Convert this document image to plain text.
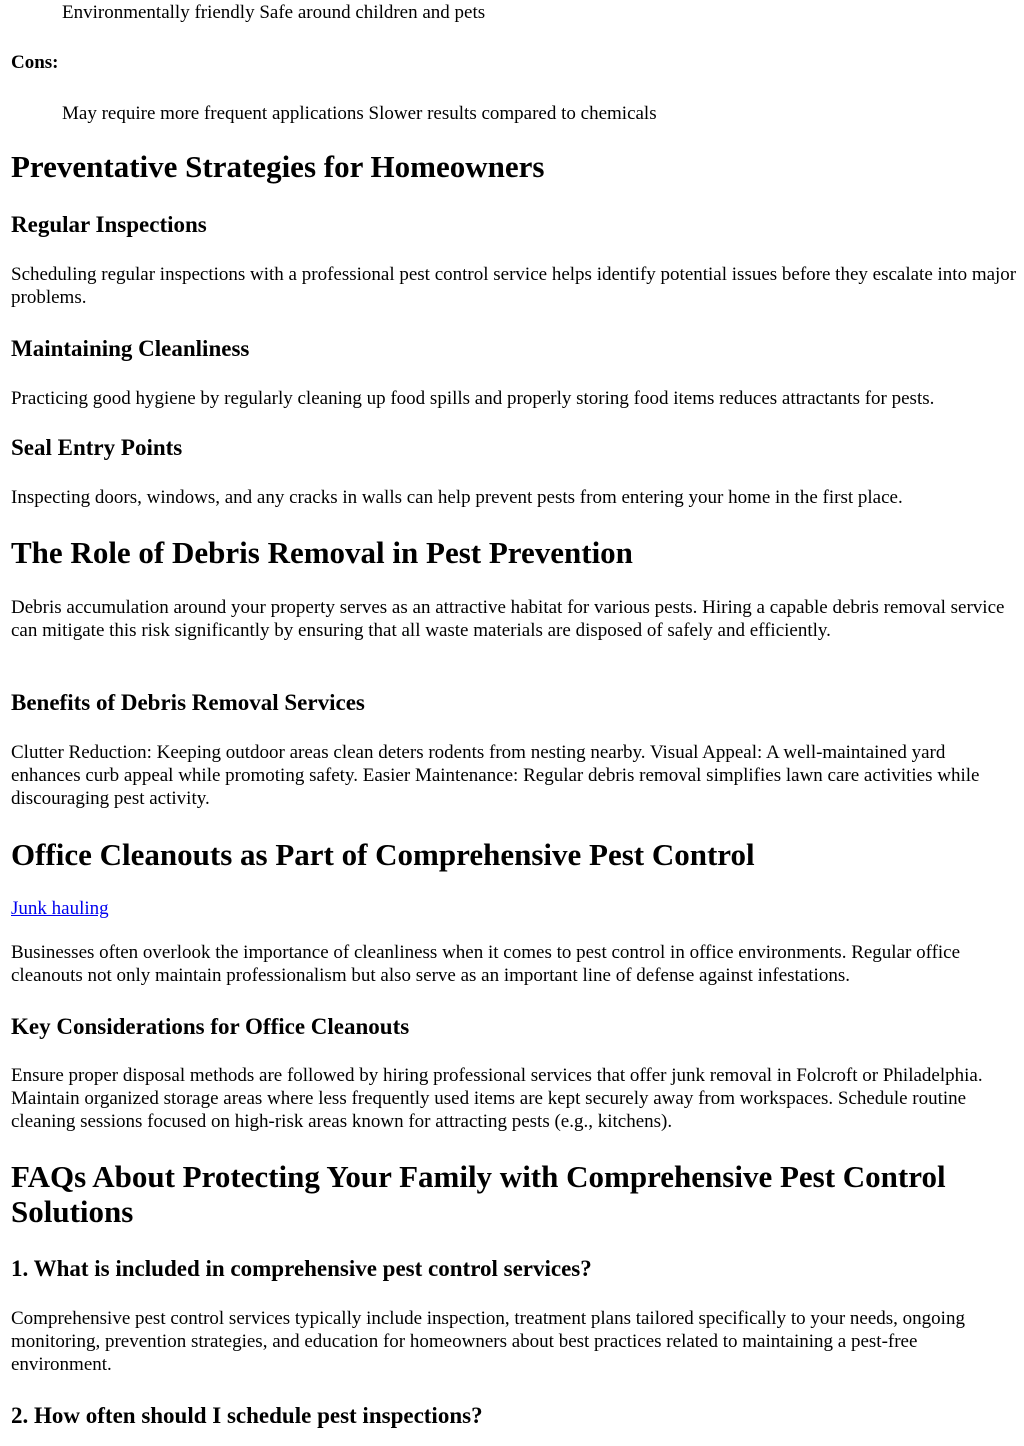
Environmentally friendly Safe around children and pets

Cons:

May require more frequent applications Slower results compared to chemicals

Preventative Strategies for Homeowners
Regular Inspections

Scheduling regular inspections with a professional pest control service helps identify potential issues before they escalate into major problems.

Maintaining Cleanliness

Practicing good hygiene by regularly cleaning up food spills and properly storing food items reduces attractants for pests.

Seal Entry Points

Inspecting doors, windows, and any cracks in walls can help prevent pests from entering your home in the first place.

The Role of Debris Removal in Pest Prevention

Debris accumulation around your property serves as an attractive habitat for various pests. Hiring a capable debris removal service can mitigate this risk significantly by ensuring that all waste materials are disposed of safely and efficiently.

Benefits of Debris Removal Services

Clutter Reduction: Keeping outdoor areas clean deters rodents from nesting nearby. Visual Appeal: A well-maintained yard enhances curb appeal while promoting safety. Easier Maintenance: Regular debris removal simplifies lawn care activities while discouraging pest activity.

Office Cleanouts as Part of Comprehensive Pest Control

Junk hauling

Businesses often overlook the importance of cleanliness when it comes to pest control in office environments. Regular office cleanouts not only maintain professionalism but also serve as an important line of defense against infestations.

Key Considerations for Office Cleanouts

Ensure proper disposal methods are followed by hiring professional services that offer junk removal in Folcroft or Philadelphia. Maintain organized storage areas where less frequently used items are kept securely away from workspaces. Schedule routine cleaning sessions focused on high-risk areas known for attracting pests (e.g., kitchens).

FAQs About Protecting Your Family with Comprehensive Pest Control Solutions
1. What is included in comprehensive pest control services?

Comprehensive pest control services typically include inspection, treatment plans tailored specifically to your needs, ongoing monitoring, prevention strategies, and education for homeowners about best practices related to maintaining a pest-free environment.

2. How often should I schedule pest inspections?
